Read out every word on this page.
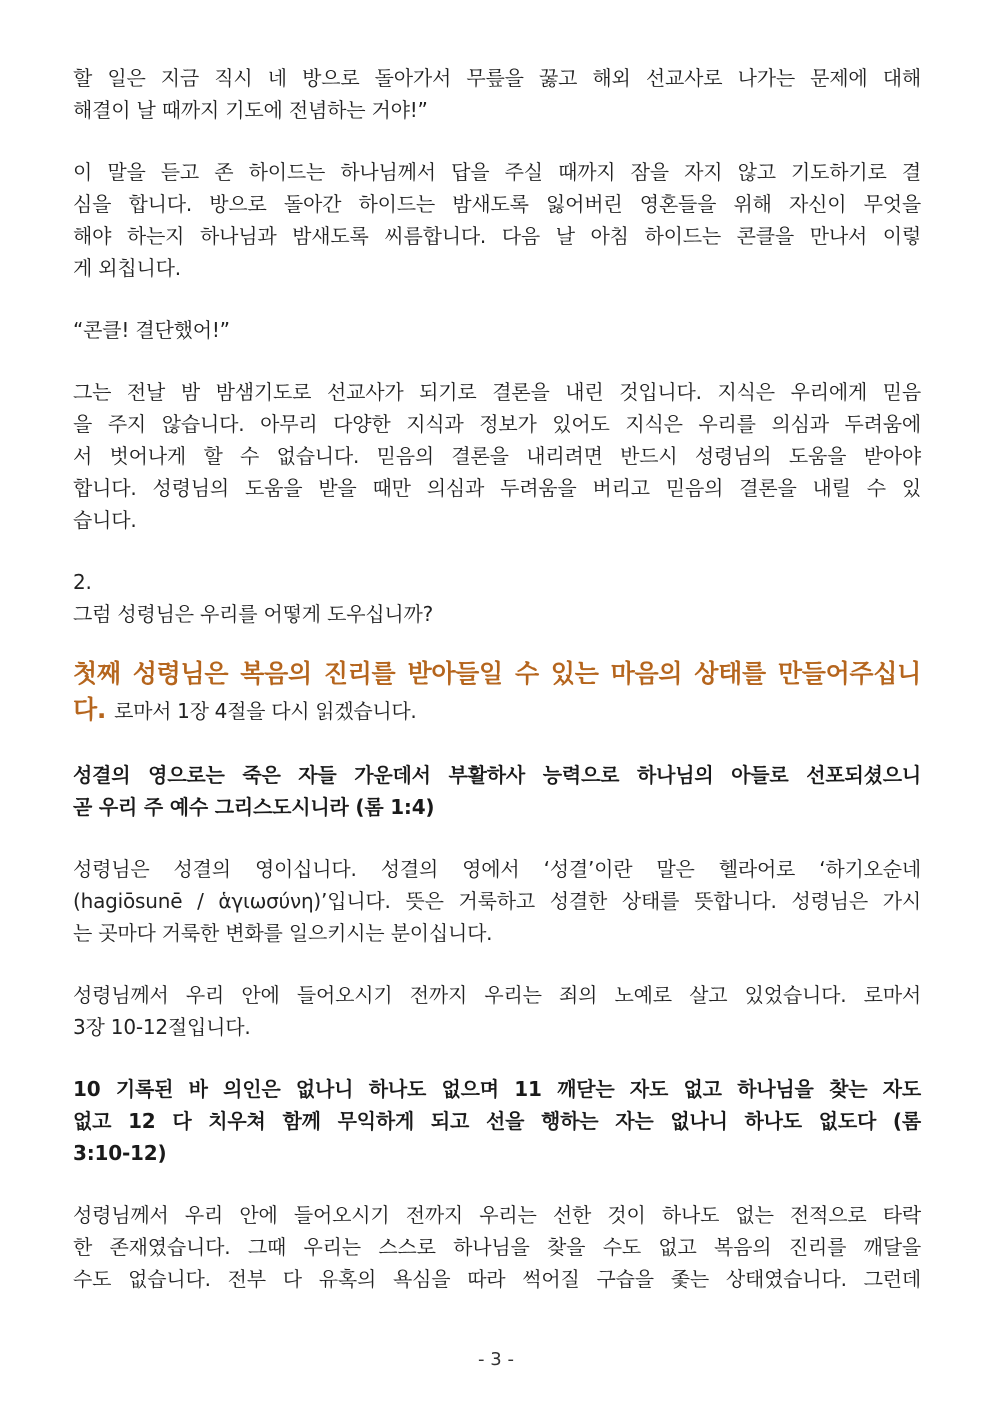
할 일은 지금 직시 네 방으로 돌아가서 무릎을 꿇고 해외 선교사로 나가는 문제에 대해
해결이 날 때까지 기도에 전념하는 거야!”
이 말을 듣고 존 하이드는 하나님께서 답을 주실 때까지 잠을 자지 않고 기도하기로 결
심을 합니다. 방으로 돌아간 하이드는 밤새도록 잃어버린 영혼들을 위해 자신이 무엇을
해야 하는지 하나님과 밤새도록 씨름합니다. 다음 날 아침 하이드는 콘클을 만나서 이렇
게 외칩니다.
“콘클! 결단했어!”
그는 전날 밤 밤샘기도로 선교사가 되기로 결론을 내린 것입니다. 지식은 우리에게 믿음
을 주지 않습니다. 아무리 다양한 지식과 정보가 있어도 지식은 우리를 의심과 두려움에
서 벗어나게 할 수 없습니다. 믿음의 결론을 내리려면 반드시 성령님의 도움을 받아야
합니다. 성령님의 도움을 받을 때만 의심과 두려움을 버리고 믿음의 결론을 내릴 수 있
습니다.
2.
그럼 성령님은 우리를 어떻게 도우십니까?
첫째 성령님은 복음의 진리를 받아들일 수 있는 마음의 상태를 만들어주십니
다. 로마서 1장 4절을 다시 읽겠습니다.
성결의 영으로는 죽은 자들 가운데서 부활하사 능력으로 하나님의 아들로 선포되셨으니
곧 우리 주 예수 그리스도시니라 (롬 1:4)
성령님은 성결의 영이십니다. 성결의 영에서 ‘성결’이란 말은 헬라어로 ‘하기오순네
(hagiōsunē / ἁγιωσύνη)’입니다. 뜻은 거룩하고 성결한 상태를 뜻합니다. 성령님은 가시
는 곳마다 거룩한 변화를 일으키시는 분이십니다.
성령님께서 우리 안에 들어오시기 전까지 우리는 죄의 노예로 살고 있었습니다. 로마서
3장 10-12절입니다.
10 기록된 바 의인은 없나니 하나도 없으며 11 깨닫는 자도 없고 하나님을 찾는 자도
없고 12 다 치우쳐 함께 무익하게 되고 선을 행하는 자는 없나니 하나도 없도다 (롬
3:10-12)
성령님께서 우리 안에 들어오시기 전까지 우리는 선한 것이 하나도 없는 전적으로 타락
한 존재였습니다. 그때 우리는 스스로 하나님을 찾을 수도 없고 복음의 진리를 깨달을
수도 없습니다. 전부 다 유혹의 욕심을 따라 썩어질 구습을 좇는 상태였습니다. 그런데
- 3 -
